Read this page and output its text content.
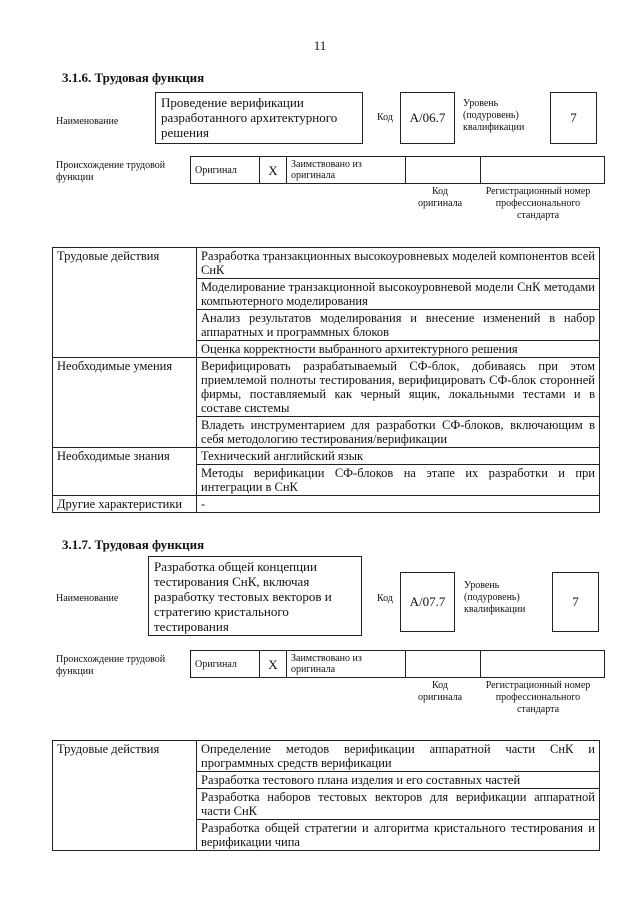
11
3.1.6. Трудовая функция
Наименование
Проведение верификации разработанного архитектурного решения
Код	А/06.7
Уровень (подуровень) квалификации
7
Происхождение трудовой функции
Оригинал	X	Заимствовано из оригинала		
Код оригинала
Регистрационный номер профессионального стандарта
Трудовые действия	Разработка транзакционных высокоуровневых моделей компонентов всей СнК
	Моделирование транзакционной высокоуровневой модели СнК методами компьютерного моделирования
	Анализ результатов моделирования и внесение изменений в набор аппаратных и программных блоков
	Оценка корректности выбранного архитектурного решения
Необходимые умения	Верифицировать разрабатываемый СФ-блок, добиваясь при этом приемлемой полноты тестирования, верифицировать СФ-блок сторонней фирмы, поставляемый как черный ящик, локальными тестами и в составе системы
	Владеть инструментарием для разработки СФ-блоков, включающим в себя методологию тестирования/верификации
Необходимые знания	Технический английский язык
	Методы верификации СФ-блоков на этапе их разработки и при интеграции в СнК
Другие характеристики	-
3.1.7. Трудовая функция
Наименование
Разработка общей концепции тестирования СнК, включая разработку тестовых векторов и стратегию кристального тестирования
Код	А/07.7
Уровень (подуровень) квалификации
7
Происхождение трудовой функции
Оригинал	X	Заимствовано из оригинала		
Код оригинала
Регистрационный номер профессионального стандарта
Трудовые действия	Определение методов верификации аппаратной части СнК и программных средств верификации
Разработка тестового плана изделия и его составных частей
Разработка наборов тестовых векторов для верификации аппаратной части СнК
Разработка общей стратегии и алгоритма кристального тестирования и верификации чипа
